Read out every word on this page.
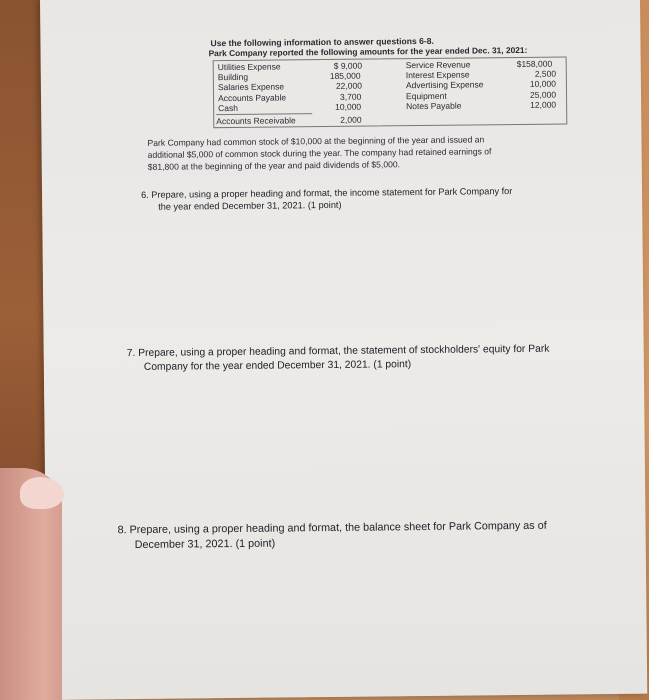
Use the following information to answer questions 6-8.
Park Company reported the following amounts for the year ended Dec. 31, 2021:
Utilities Expense
Building
Salaries Expense
Accounts Payable
Cash
Accounts Receivable
$ 9,000
185,000
22,000
3,700
10,000
2,000
Service Revenue
Interest Expense
Advertising Expense
Equipment
Notes Payable
$158,000
2,500
10,000
25,000
12,000
Park Company had common stock of $10,000 at the beginning of the year and issued an
additional $5,000 of common stock during the year. The company had retained earnings of
$81,800 at the beginning of the year and paid dividends of $5,000.
6. Prepare, using a proper heading and format, the income statement for Park Company for
the year ended December 31, 2021. (1 point)
7. Prepare, using a proper heading and format, the statement of stockholders' equity for Park
Company for the year ended December 31, 2021. (1 point)
8. Prepare, using a proper heading and format, the balance sheet for Park Company as of
December 31, 2021. (1 point)
